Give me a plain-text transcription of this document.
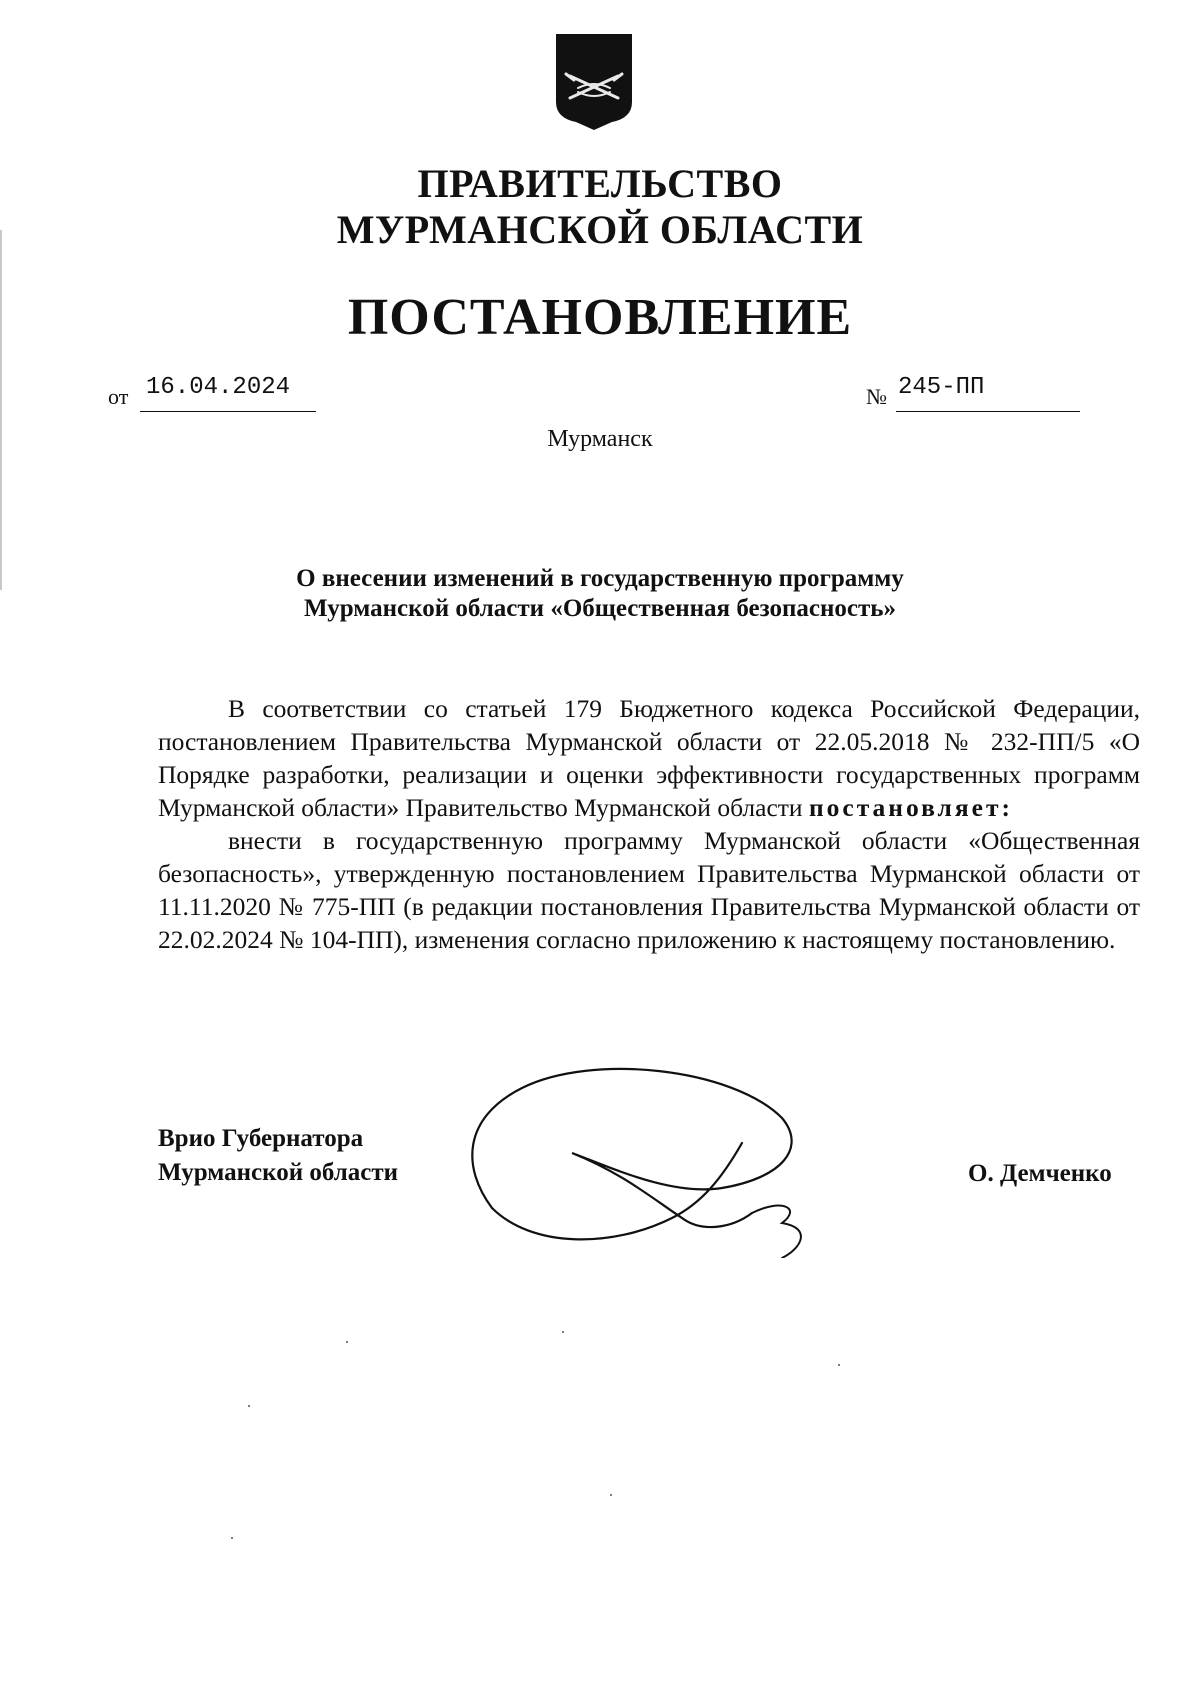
ПРАВИТЕЛЬСТВО
МУРМАНСКОЙ ОБЛАСТИ
ПОСТАНОВЛЕНИЕ
от 16.04.2024	№ 245-ПП
Мурманск
О внесении изменений в государственную программу
Мурманской области «Общественная безопасность»

В соответствии со статьей 179 Бюджетного кодекса Российской Федерации, постановлением Правительства Мурманской области от 22.05.2018 № 232-ПП/5 «О Порядке разработки, реализации и оценки эффективности государственных программ Мурманской области» Правительство Мурманской области постановляет:

внести в государственную программу Мурманской области «Общественная безопасность», утвержденную постановлением Правительства Мурманской области от 11.11.2020 № 775-ПП (в редакции постановления Правительства Мурманской области от 22.02.2024 № 104-ПП), изменения согласно приложению к настоящему постановлению.

Врио Губернатора
Мурманской области	О. Демченко
